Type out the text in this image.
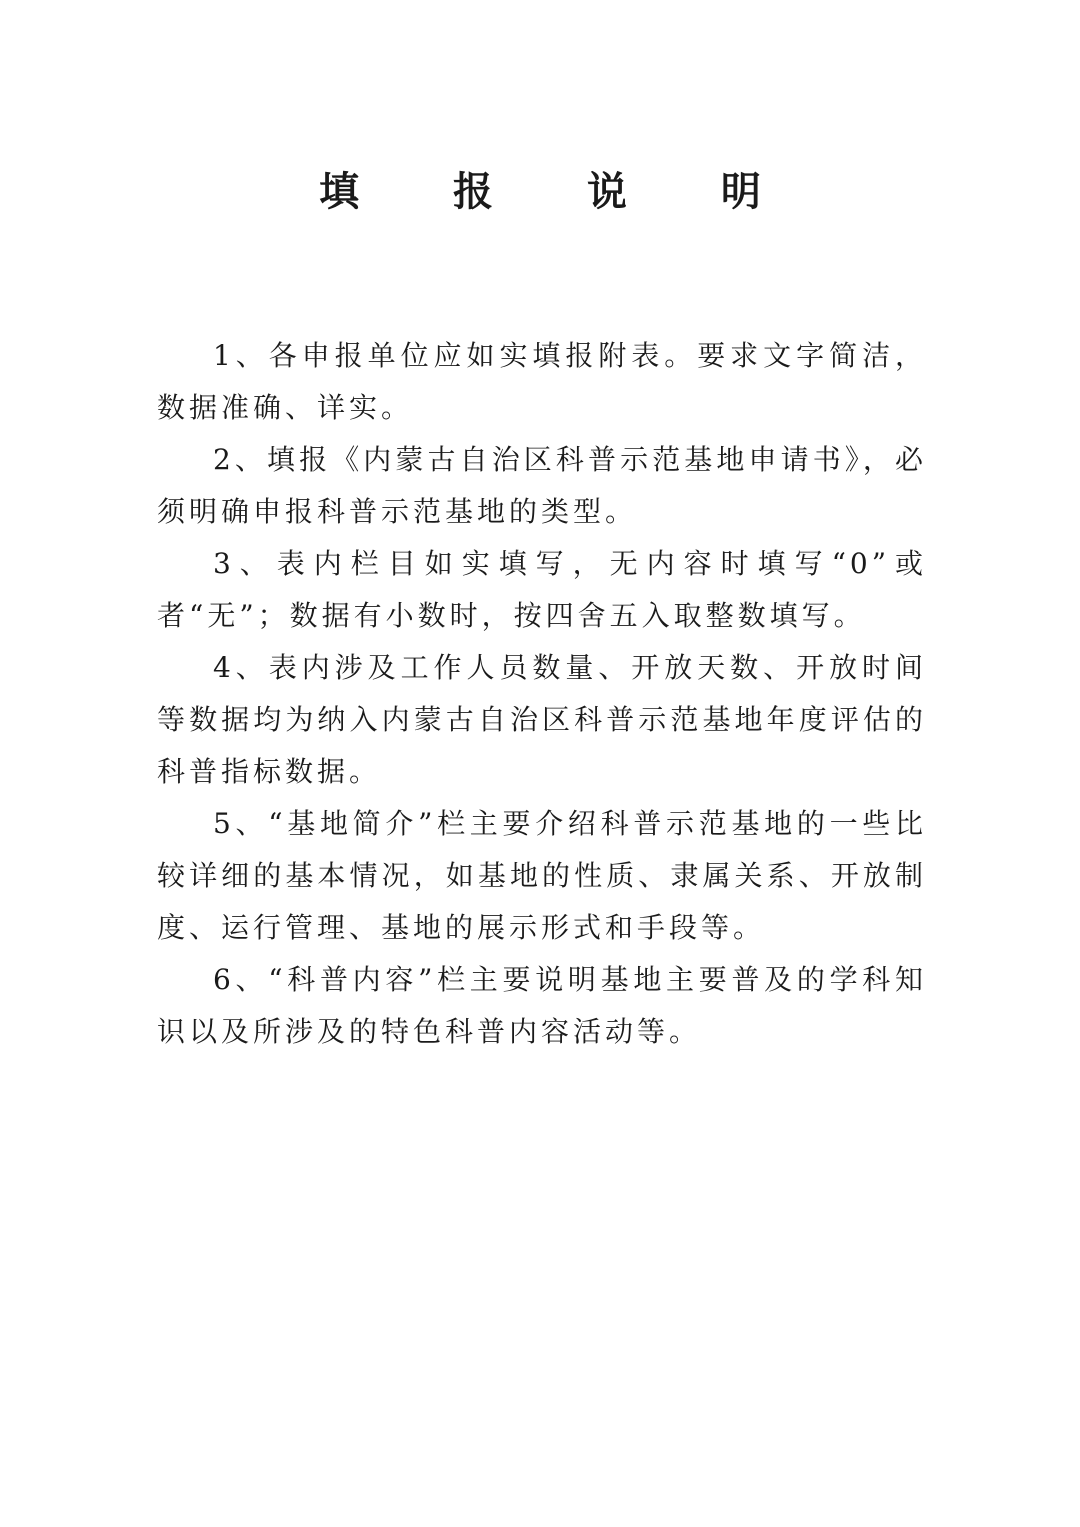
填 报 说 明

1、各申报单位应如实填报附表。要求文字简洁，数据准确、详实。

2、填报《内蒙古自治区科普示范基地申请书》，必须明确申报科普示范基地的类型。

3、表内栏目如实填写，无内容时填写“0”或者“无”；数据有小数时，按四舍五入取整数填写。

4、表内涉及工作人员数量、开放天数、开放时间等数据均为纳入内蒙古自治区科普示范基地年度评估的科普指标数据。

5、“基地简介”栏主要介绍科普示范基地的一些比较详细的基本情况，如基地的性质、隶属关系、开放制度、运行管理、基地的展示形式和手段等。

6、“科普内容”栏主要说明基地主要普及的学科知识以及所涉及的特色科普内容活动等。
